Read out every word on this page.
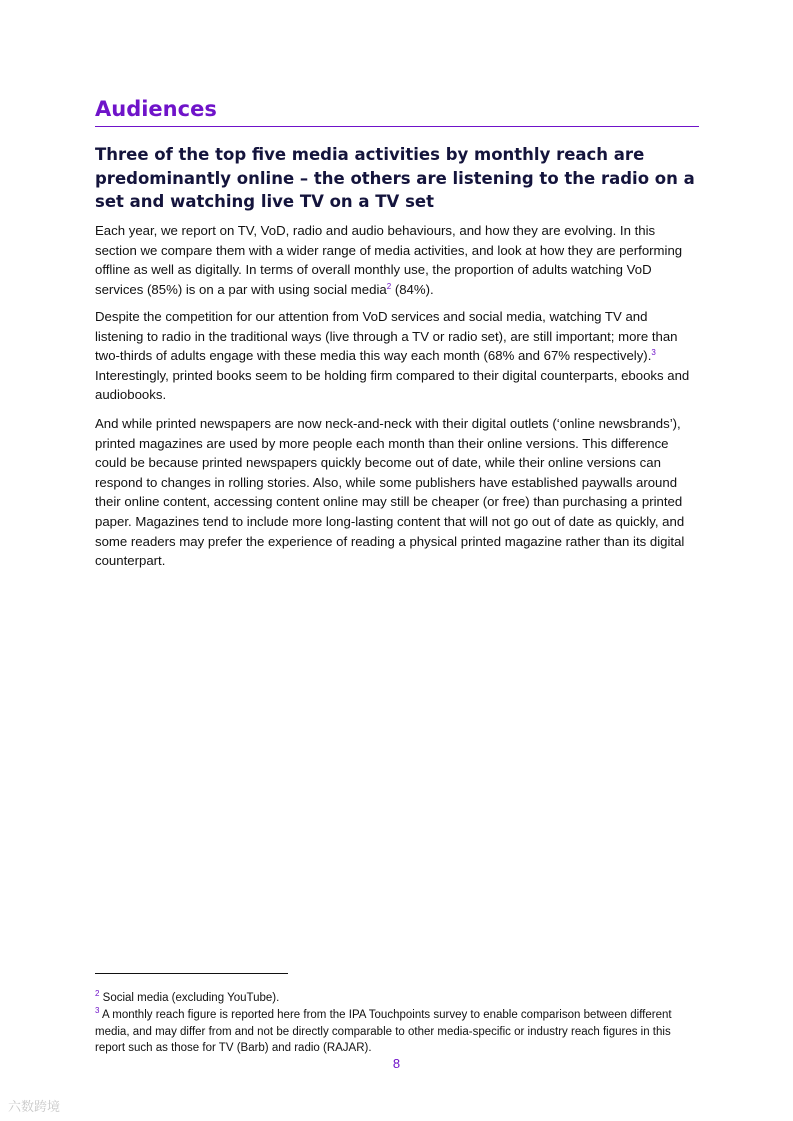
Audiences
Three of the top five media activities by monthly reach are predominantly online – the others are listening to the radio on a set and watching live TV on a TV set

Each year, we report on TV, VoD, radio and audio behaviours, and how they are evolving. In this section we compare them with a wider range of media activities, and look at how they are performing offline as well as digitally. In terms of overall monthly use, the proportion of adults watching VoD services (85%) is on a par with using social media$^2$ (84%).

Despite the competition for our attention from VoD services and social media, watching TV and listening to radio in the traditional ways (live through a TV or radio set), are still important; more than two-thirds of adults engage with these media this way each month (68% and 67% respectively).$^3$ Interestingly, printed books seem to be holding firm compared to their digital counterparts, ebooks and audiobooks.

And while printed newspapers are now neck-and-neck with their digital outlets (‘online newsbrands’), printed magazines are used by more people each month than their online versions. This difference could be because printed newspapers quickly become out of date, while their online versions can respond to changes in rolling stories. Also, while some publishers have established paywalls around their online content, accessing content online may still be cheaper (or free) than purchasing a printed paper. Magazines tend to include more long-lasting content that will not go out of date as quickly, and some readers may prefer the experience of reading a physical printed magazine rather than its digital counterpart.

$^2$ Social media (excluding YouTube).

$^3$ A monthly reach figure is reported here from the IPA Touchpoints survey to enable comparison between different media, and may differ from and not be directly comparable to other media-specific or industry reach figures in this report such as those for TV (Barb) and radio (RAJAR).

8
六数跨境
